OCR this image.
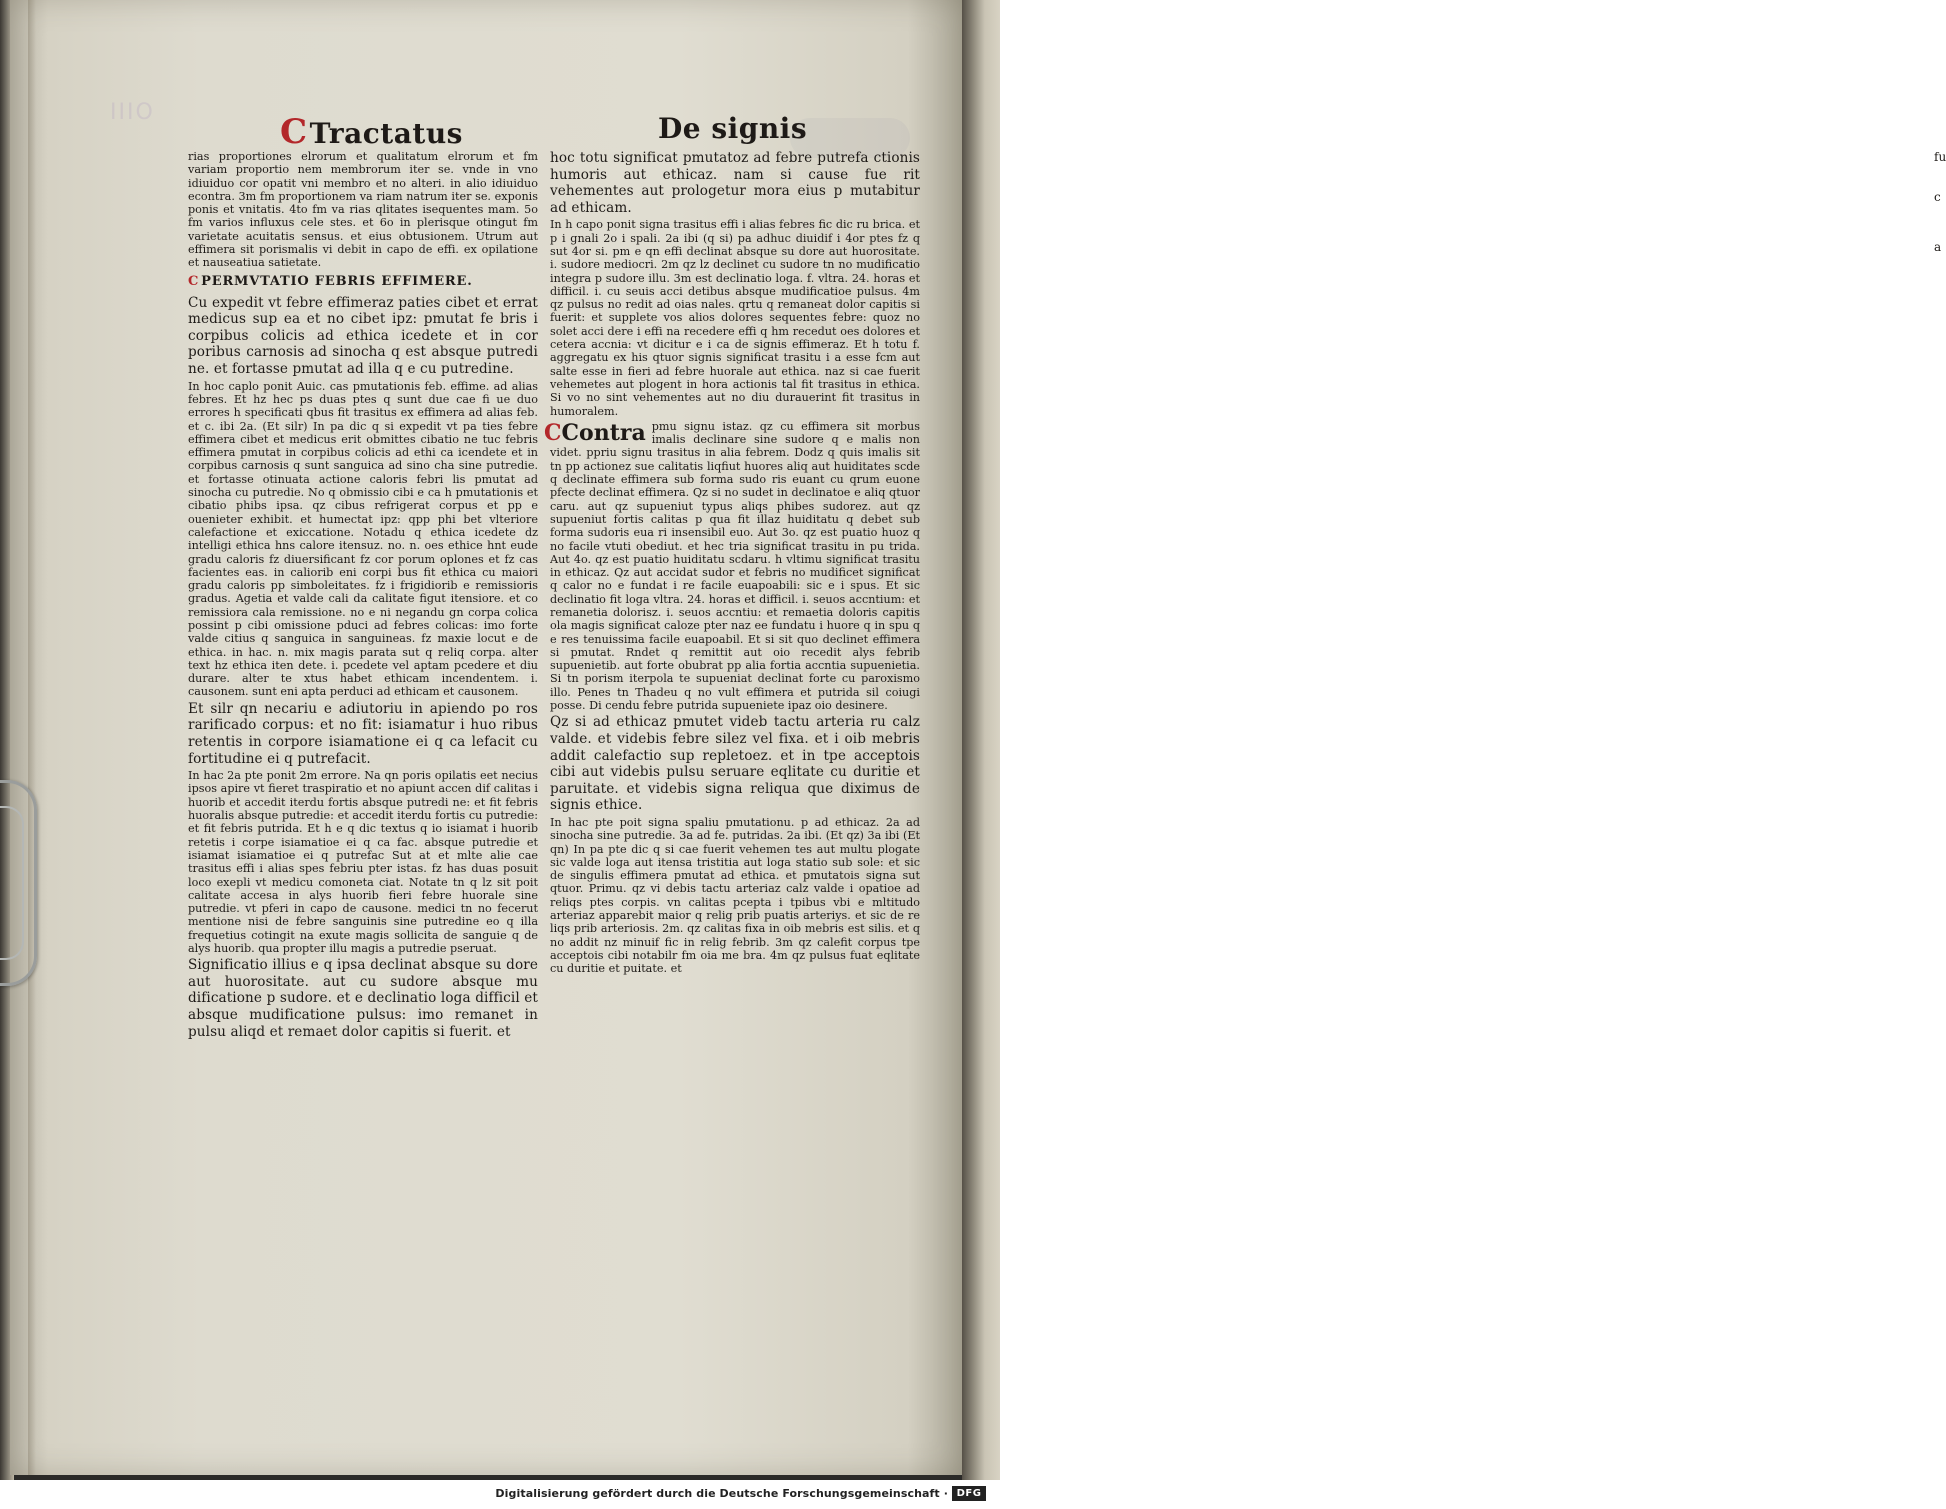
IIIO	CTractatus	De signis
rias proportiones elrorum et qualitatum elrorum et fm variam proportio nem membrorum iter se. vnde in vno idiuiduo cor opatit vni membro et no alteri. in alio idiuiduo econtra. 3m fm proportionem va riam natrum iter se. exponis ponis et vnitatis. 4to fm va rias qlitates isequentes mam. 5o fm varios influxus cele stes. et 6o in plerisque otingut fm varietate acuitatis sensus. et eius obtusionem. Utrum aut effimera sit porismalis vi debit in capo de effi. ex opilatione et nauseatiua satietate.
C PERMVTATIO FEBRIS EFFIMERE.
Cu expedit vt febre effimeraz paties cibet et errat medicus sup ea et no cibet ipz: pmutat fe bris i corpibus colicis ad ethica icedete et in cor poribus carnosis ad sinocha q est absque putredi ne. et fortasse pmutat ad illa q e cu putredine.
In hoc caplo ponit Auic. cas pmutationis feb. effime. ad alias febres. Et hz hec ps duas ptes q sunt due cae fi ue duo errores h specificati qbus fit trasitus ex effimera ad alias feb. et c. ibi 2a. (Et silr) In pa dic q si expedit vt pa ties febre effimera cibet et medicus erit obmittes cibatio ne tuc febris effimera pmutat in corpibus colicis ad ethi ca icendete et in corpibus carnosis q sunt sanguica ad sino cha sine putredie. et fortasse otinuata actione caloris febri lis pmutat ad sinocha cu putredie. No q obmissio cibi e ca h pmutationis et cibatio phibs ipsa. qz cibus refrigerat corpus et pp e ouenieter exhibit. et humectat ipz: qpp phi bet vlteriore calefactione et exiccatione. Notadu q ethica icedete dz intelligi ethica hns calore itensuz. no. n. oes ethice hnt eude gradu caloris fz diuersificant fz cor porum oplones et fz cas facientes eas. in caliorib eni corpi bus fit ethica cu maiori gradu caloris pp simboleitates. fz i frigidiorib e remissioris gradus. Agetia et valde cali da calitate figut itensiore. et co remissiora cala remissione. no e ni negandu gn corpa colica possint p cibi omissione pduci ad febres colicas: imo forte valde citius q sanguica in sanguineas. fz maxie locut e de ethica. in hac. n. mix magis parata sut q reliq corpa. alter text hz ethica iten dete. i. pcedete vel aptam pcedere et diu durare. alter te xtus habet ethicam incendentem. i. causonem. sunt eni apta perduci ad ethicam et causonem.
Et silr qn necariu e adiutoriu in apiendo po ros rarificado corpus: et no fit: isiamatur i huo ribus retentis in corpore isiamatione ei q ca lefacit cu fortitudine ei q putrefacit.
In hac 2a pte ponit 2m errore. Na qn poris opilatis eet necius ipsos apire vt fieret traspiratio et no apiunt accen dif calitas i huorib et accedit iterdu fortis absque putredi ne: et fit febris huoralis absque putredie: et accedit iterdu fortis cu putredie: et fit febris putrida. Et h e q dic textus q io isiamat i huorib retetis i corpe isiamatioe ei q ca fac. absque putredie et isiamat isiamatioe ei q putrefac Sut at et mlte alie cae trasitus effi i alias spes febriu pter istas. fz has duas posuit loco exepli vt medicu comoneta ciat. Notate tn q lz sit poit calitate accesa in alys huorib fieri febre huorale sine putredie. vt pferi in capo de causone. medici tn no fecerut mentione nisi de febre sanguinis sine putredine eo q illa frequetius cotingit na exute magis sollicita de sanguie q de alys huorib. qua propter illu magis a putredie pseruat.
Significatio illius e q ipsa declinat absque su dore aut huorositate. aut cu sudore absque mu dificatione p sudore. et e declinatio loga difficil et absque mudificatione pulsus: imo remanet in pulsu aliqd et remaet dolor capitis si fuerit. et
hoc totu significat pmutatoz ad febre putrefa ctionis humoris aut ethicaz. nam si cause fue rit vehementes aut prologetur mora eius p mutabitur ad ethicam.
In h capo ponit signa trasitus effi i alias febres fic dic ru brica. et p i gnali 2o i spali. 2a ibi (q si) pa adhuc diuidif i 4or ptes fz q sut 4or si. pm e qn effi declinat absque su dore aut huorositate. i. sudore mediocri. 2m qz lz declinet cu sudore tn no mudificatio integra p sudore illu. 3m est declinatio loga. f. vltra. 24. horas et difficil. i. cu seuis acci detibus absque mudificatioe pulsus. 4m qz pulsus no redit ad oias nales. qrtu q remaneat dolor capitis si fuerit: et supplete vos alios dolores sequentes febre: quoz no solet acci dere i effi na recedere effi q hm recedut oes dolores et cetera accnia: vt dicitur e i ca de signis effimeraz. Et h totu f. aggregatu ex his qtuor signis significat trasitu i a esse fcm aut salte esse in fieri ad febre huorale aut ethica. naz si cae fuerit vehemetes aut plogent in hora actionis tal fit trasitus in ethica. Si vo no sint vehementes aut no diu durauerint fit trasitus in humoralem.
CContra pmu signu istaz. qz cu effimera sit morbus imalis declinare sine sudore q e malis non videt. ppriu signu trasitus in alia febrem. Dodz q quis imalis sit tn pp actionez sue calitatis liqfiut huores aliq aut huiditates scde q declinate effimera sub forma sudo ris euant cu qrum euone pfecte declinat effimera. Qz si no sudet in declinatoe e aliq qtuor caru. aut qz supueniut typus aliqs phibes sudorez. aut qz supueniut fortis calitas p qua fit illaz huiditatu q debet sub forma sudoris eua ri insensibil euo. Aut 3o. qz est puatio huoz q no facile vtuti obediut. et hec tria significat trasitu in pu trida. Aut 4o. qz est puatio huiditatu scdaru. h vltimu significat trasitu in ethicaz. Qz aut accidat sudor et febris no mudificet significat q calor no e fundat i re facile euapoabili: sic e i spus. Et sic declinatio fit loga vltra. 24. horas et difficil. i. seuos accntium: et remanetia dolorisz. i. seuos accntiu: et remaetia doloris capitis ola magis significat caloze pter naz ee fundatu i huore q in spu q e res tenuissima facile euapoabil. Et si sit quo declinet effimera si pmutat. Rndet q remittit aut oio recedit alys febrib supuenietib. aut forte obubrat pp alia fortia accntia supuenietia. Si tn porism iterpola te supueniat declinat forte cu paroxismo illo. Penes tn Thadeu q no vult effimera et putrida sil coiugi posse. Di cendu febre putrida supueniete ipaz oio desinere.
Qz si ad ethicaz pmutet videb tactu arteria ru calz valde. et videbis febre silez vel fixa. et i oib mebris addit calefactio sup repletoez. et in tpe acceptois cibi aut videbis pulsu seruare eqlitate cu duritie et paruitate. et videbis signa reliqua que diximus de signis ethice.
In hac pte poit signa spaliu pmutationu. p ad ethicaz. 2a ad sinocha sine putredie. 3a ad fe. putridas. 2a ibi. (Et qz) 3a ibi (Et qn) In pa pte dic q si cae fuerit vehemen tes aut multu plogate sic valde loga aut itensa tristitia aut loga statio sub sole: et sic de singulis effimera pmutat ad ethica. et pmutatois signa sut qtuor. Primu. qz vi debis tactu arteriaz calz valde i opatioe ad reliqs ptes corpis. vn calitas pcepta i tpibus vbi e mltitudo arteriaz apparebit maior q relig prib puatis arteriys. et sic de re liqs prib arteriosis. 2m. qz calitas fixa in oib mebris est silis. et q no addit nz minuif fic in relig febrib. 3m qz calefit corpus tpe acceptois cibi notabilr fm oia me bra. 4m qz pulsus fuat eqlitate cu duritie et puitate. et
fu
c
a
Digitalisierung gefördert durch die Deutsche Forschungsgemeinschaft · DFG
